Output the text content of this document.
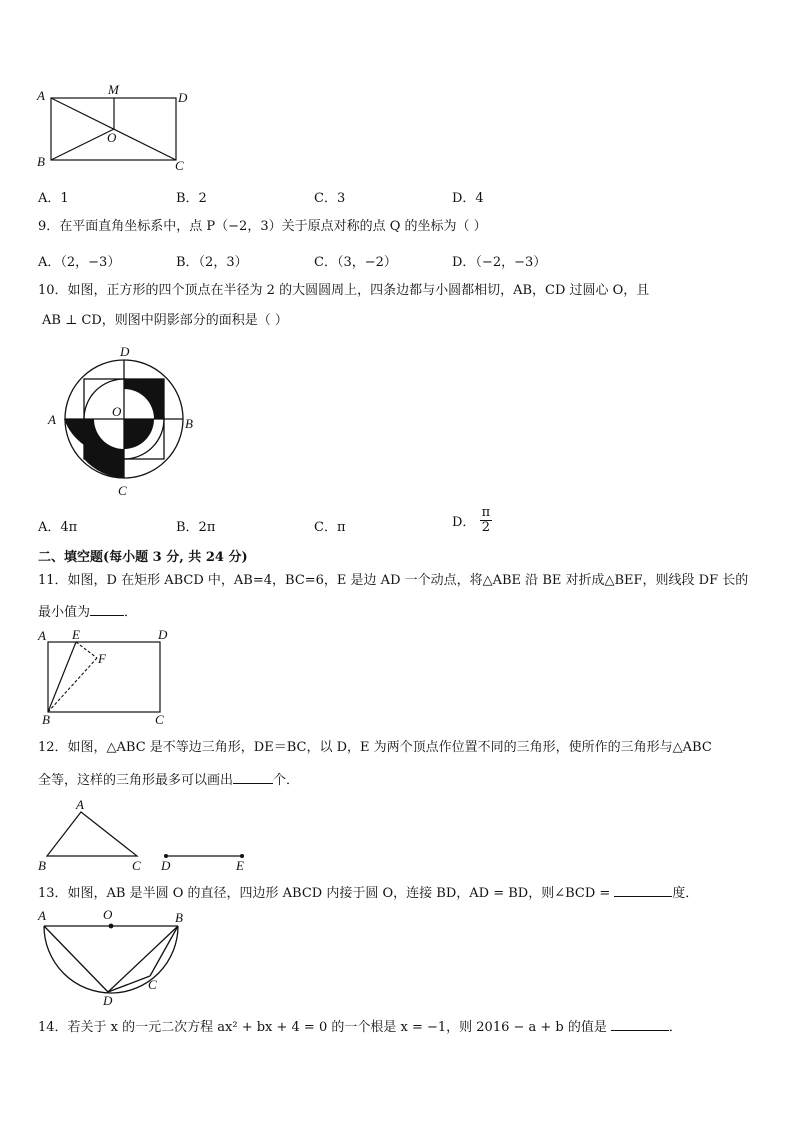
A	M
D
O
B	C
A．1	B．2	C．3	D．4
9．在平面直角坐标系中，点 P（−2，3）关于原点对称的点 Q 的坐标为（ ）
A．（2，−3）	B．（2，3）	C．（3，−2）	D．（−2，−3）
10．如图，正方形的四个顶点在半径为 2 的大圆圆周上，四条边都与小圆都相切，AB，CD 过圆心 O，且
AB ⊥ CD，则图中阴影部分的面积是（ ）
D
A
O
B
C
A．4π	B．2π	C．π	D． $\frac{\pi}{2}$
二、填空题(每小题 3 分, 共 24 分)
11．如图，D 在矩形 ABCD 中，AB=4，BC=6，E 是边 AD 一个动点，将△ABE 沿 BE 对折成△BEF，则线段 DF 长的
最小值为	．
A E	D
F
B	C
12．如图，△ABC 是不等边三角形，DE＝BC，以 D，E 为两个顶点作位置不同的三角形，使所作的三角形与△ABC
全等，这样的三角形最多可以画出	个．
A
B	C D	E
13．如图，AB 是半圆 O 的直径，四边形 ABCD 内接于圆 O，连接 BD，AD = BD，则∠BCD =	度．
A	O	B
D
C
14．若关于 x 的一元二次方程 ax² + bx + 4 = 0 的一个根是 x = −1，则 2016 − a + b 的值是	．
